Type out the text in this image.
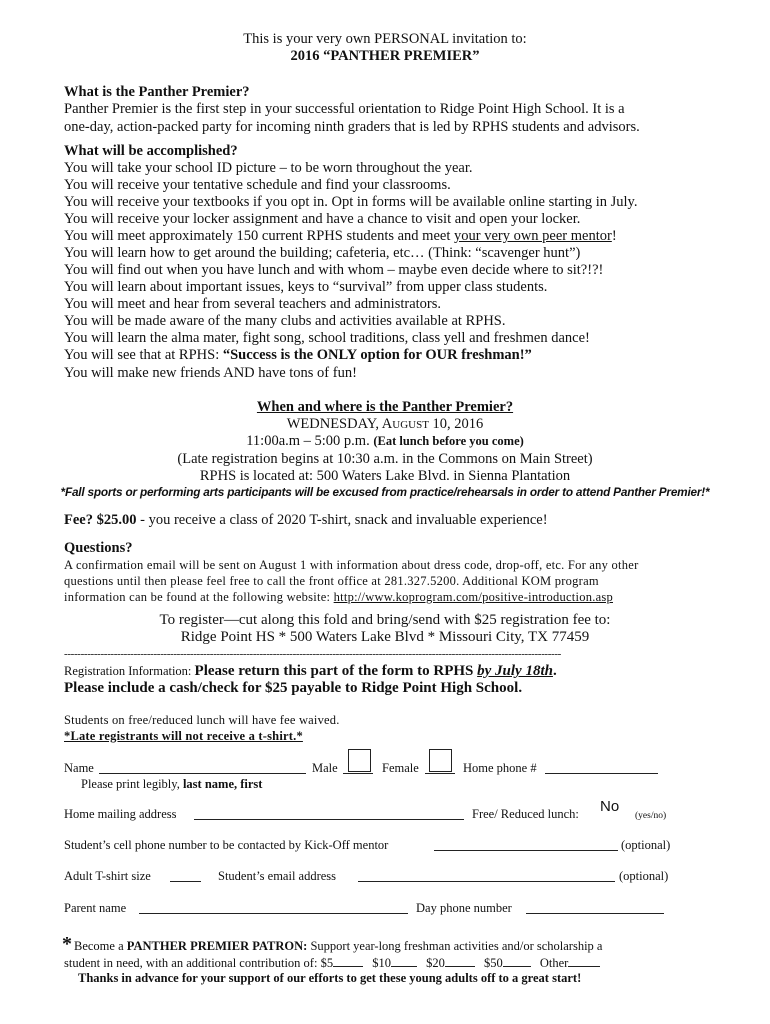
This is your very own PERSONAL invitation to:
2016 “PANTHER PREMIER”
What is the Panther Premier?
Panther Premier is the first step in your successful orientation to Ridge Point High School. It is a
one-day, action-packed party for incoming ninth graders that is led by RPHS students and advisors.
What will be accomplished?
You will take your school ID picture – to be worn throughout the year.
You will receive your tentative schedule and find your classrooms.
You will receive your textbooks if you opt in. Opt in forms will be available online starting in July.
You will receive your locker assignment and have a chance to visit and open your locker.
You will meet approximately 150 current RPHS students and meet your very own peer mentor!
You will learn how to get around the building; cafeteria, etc… (Think: “scavenger hunt”)
You will find out when you have lunch and with whom – maybe even decide where to sit?!?!
You will learn about important issues, keys to “survival” from upper class students.
You will meet and hear from several teachers and administrators.
You will be made aware of the many clubs and activities available at RPHS.
You will learn the alma mater, fight song, school traditions, class yell and freshmen dance!
You will see that at RPHS: “Success is the ONLY option for OUR freshman!”
You will make new friends AND have tons of fun!
When and where is the Panther Premier?
WEDNESDAY, AUGUST 10, 2016
11:00a.m – 5:00 p.m. (Eat lunch before you come)
(Late registration begins at 10:30 a.m. in the Commons on Main Street)
RPHS is located at: 500 Waters Lake Blvd. in Sienna Plantation
*Fall sports or performing arts participants will be excused from practice/rehearsals in order to attend Panther Premier!*
Fee? $25.00 - you receive a class of 2020 T-shirt, snack and invaluable experience!
Questions?
A confirmation email will be sent on August 1 with information about dress code, drop-off, etc. For any other
questions until then please feel free to call the front office at 281.327.5200. Additional KOM program
information can be found at the following website: http://www.koprogram.com/positive-introduction.asp
To register—cut along this fold and bring/send with $25 registration fee to:
Ridge Point HS * 500 Waters Lake Blvd * Missouri City, TX 77459
------------------------------------------------------------------------------------------------------------------------------------------------------
Registration Information: Please return this part of the form to RPHS by July 18th.
Please include a cash/check for $25 payable to Ridge Point High School.
Students on free/reduced lunch will have fee waived.
*Late registrants will not receive a t-shirt.*
Name	Male	Female	Home phone #
Please print legibly, last name, first
Home mailing address	Free/ Reduced lunch: No
(yes/no)
Student’s cell phone number to be contacted by Kick-Off mentor	(optional)
Adult T-shirt size	Student’s email address	(optional)
Parent name	Day phone number
* Become a PANTHER PREMIER PATRON: Support year-long freshman activities and/or scholarship a
student in need, with an additional contribution of: $5	$10	$20	$50	Other
Thanks in advance for your support of our efforts to get these young adults off to a great start!
